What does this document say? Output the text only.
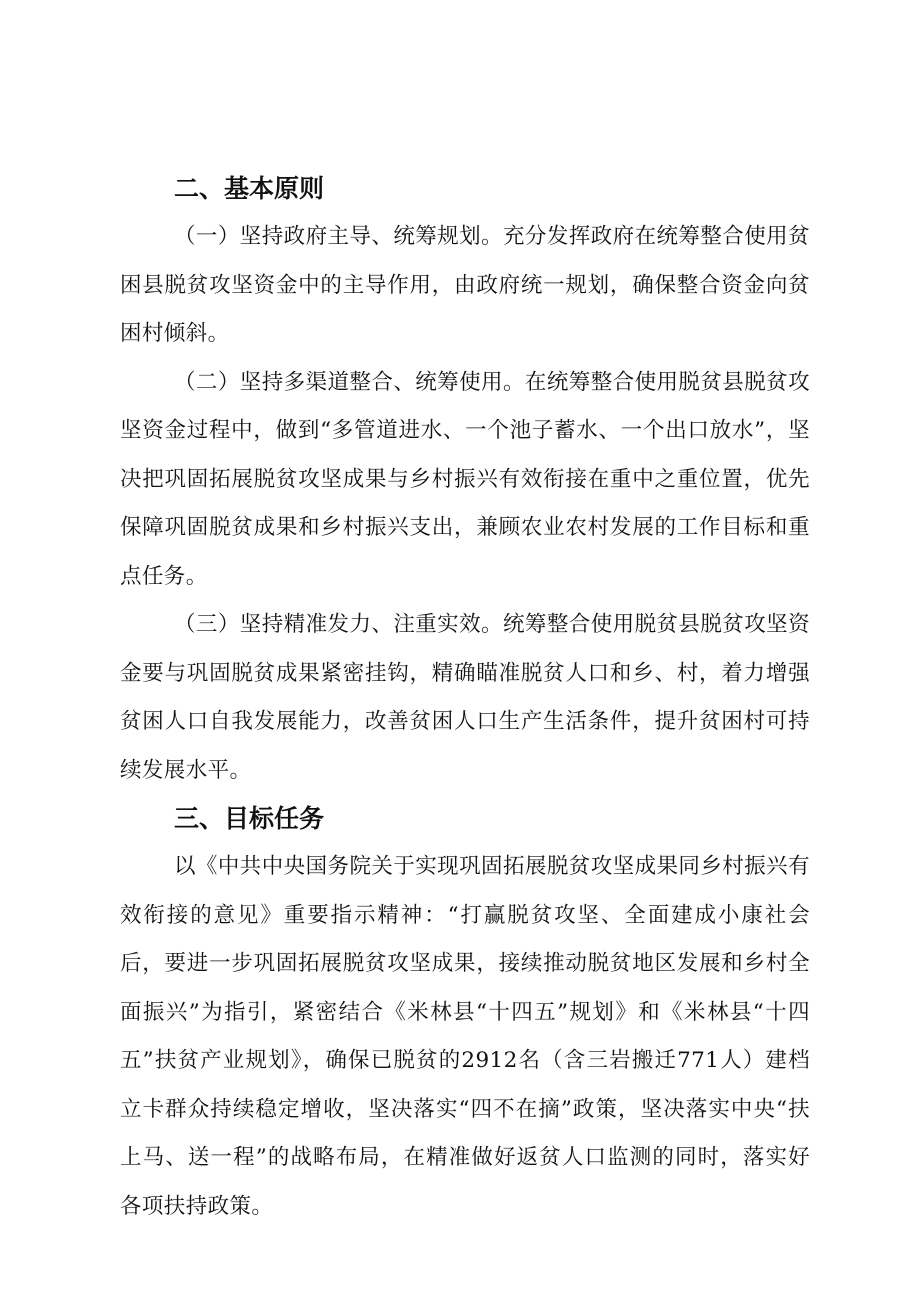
二、基本原则

（一）坚持政府主导、统筹规划。充分发挥政府在统筹整合使用贫困县脱贫攻坚资金中的主导作用，由政府统一规划，确保整合资金向贫困村倾斜。

（二）坚持多渠道整合、统筹使用。在统筹整合使用脱贫县脱贫攻坚资金过程中，做到“多管道进水、一个池子蓄水、一个出口放水”，坚决把巩固拓展脱贫攻坚成果与乡村振兴有效衔接在重中之重位置，优先保障巩固脱贫成果和乡村振兴支出，兼顾农业农村发展的工作目标和重点任务。

（三）坚持精准发力、注重实效。统筹整合使用脱贫县脱贫攻坚资金要与巩固脱贫成果紧密挂钩，精确瞄准脱贫人口和乡、村，着力增强贫困人口自我发展能力，改善贫困人口生产生活条件，提升贫困村可持续发展水平。

三、目标任务

以《中共中央国务院关于实现巩固拓展脱贫攻坚成果同乡村振兴有效衔接的意见》重要指示精神：“打赢脱贫攻坚、全面建成小康社会后，要进一步巩固拓展脱贫攻坚成果，接续推动脱贫地区发展和乡村全面振兴”为指引，紧密结合《米林县“十四五”规划》和《米林县“十四五”扶贫产业规划》，确保已脱贫的2912名（含三岩搬迁771人）建档立卡群众持续稳定增收，坚决落实“四不在摘”政策，坚决落实中央“扶上马、送一程”的战略布局，在精准做好返贫人口监测的同时，落实好各项扶持政策。
